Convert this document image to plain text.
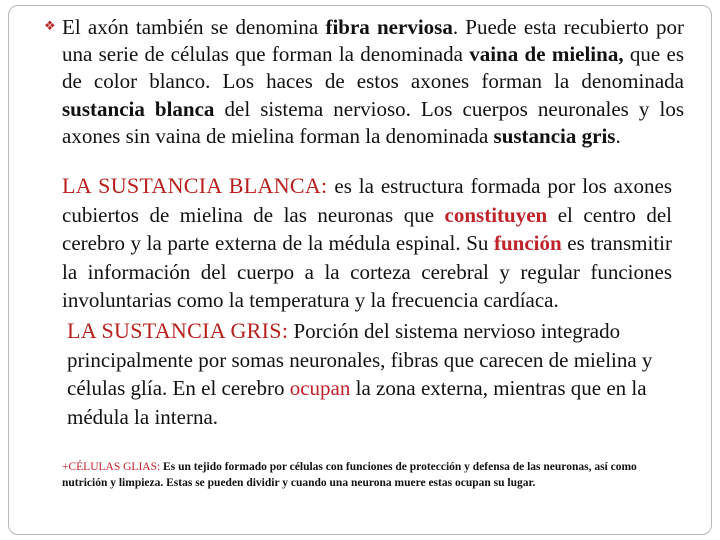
❖ El axón también se denomina fibra nerviosa. Puede esta recubierto por una serie de células que forman la denominada vaina de mielina, que es de color blanco. Los haces de estos axones forman la denominada sustancia blanca del sistema nervioso. Los cuerpos neuronales y los axones sin vaina de mielina forman la denominada sustancia gris.

LA SUSTANCIA BLANCA: es la estructura formada por los axones cubiertos de mielina de las neuronas que constituyen el centro del cerebro y la parte externa de la médula espinal. Su función es transmitir la información del cuerpo a la corteza cerebral y regular funciones involuntarias como la temperatura y la frecuencia cardíaca.

LA SUSTANCIA GRIS: Porción del sistema nervioso integrado principalmente por somas neuronales, fibras que carecen de mielina y células glía. En el cerebro ocupan la zona externa, mientras que en la médula la interna.

+CÉLULAS GLIAS: Es un tejido formado por células con funciones de protección y defensa de las neuronas, así como nutrición y limpieza. Estas se pueden dividir y cuando una neurona muere estas ocupan su lugar.
